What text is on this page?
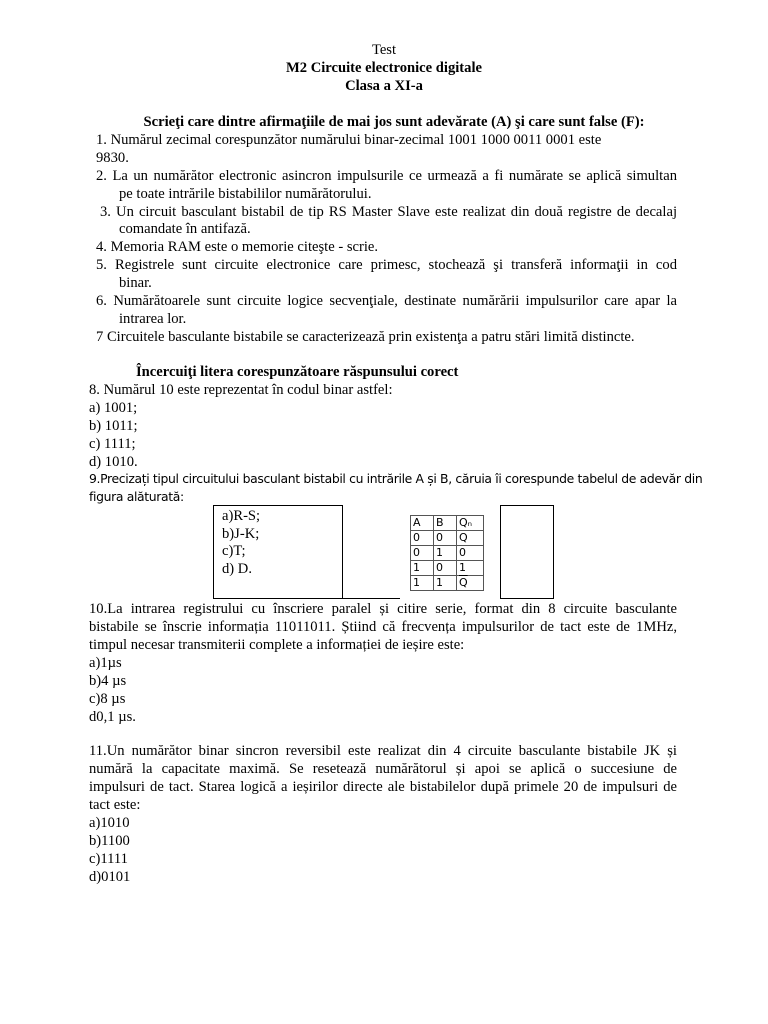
Test
M2 Circuite electronice digitale
Clasa a XI-a
Scrieţi care dintre afirmaţiile de mai jos sunt adevărate (A) şi care sunt false (F):
1. Numărul zecimal corespunzător numărului binar-zecimal 1001 1000 0011 0001 este
9830.
2. La un numărător electronic asincron impulsurile ce urmează a fi numărate se aplică simultan
pe toate intrările bistabililor numărătorului.
3. Un circuit basculant bistabil de tip RS Master Slave este realizat din două registre de decalaj
comandate în antifază.
4. Memoria RAM este o memorie citeşte - scrie.
5. Registrele sunt circuite electronice care primesc, stochează şi transferă informaţii in cod
binar.
6. Numărătoarele sunt circuite logice secvenţiale, destinate numărării impulsurilor care apar la
intrarea lor.
7 Circuitele basculante bistabile se caracterizează prin existenţa a patru stări limită distincte.
Încercuiţi litera corespunzătoare răspunsului corect
8. Numărul 10 este reprezentat în codul binar astfel:
a) 1001;
b) 1011;
c) 1111;
d) 1010.
9.Precizați tipul circuitului basculant bistabil cu intrările A și B, căruia îi corespunde tabelul de adevăr din
figura alăturată:
a)R-S;
b)J-K;
c)T;
d) D.
A	B	Qₙ
0	0	Q
0	1	0
1	0	1
1	1	$\overline{Q}$
10.La intrarea registrului cu înscriere paralel și citire serie, format din 8 circuite basculante
bistabile se înscrie informația 11011011. Știind că frecvența impulsurilor de tact este de 1MHz,
timpul necesar transmiterii complete a informației de ieșire este:
a)1µs
b)4 µs
c)8 µs
d0,1 µs.
11.Un numărător binar sincron reversibil este realizat din 4 circuite basculante bistabile JK și
numără la capacitate maximă. Se resetează numărătorul și apoi se aplică o succesiune de
impulsuri de tact. Starea logică a ieșirilor directe ale bistabilelor după primele 20 de impulsuri de
tact este:
a)1010
b)1100
c)1111
d)0101
